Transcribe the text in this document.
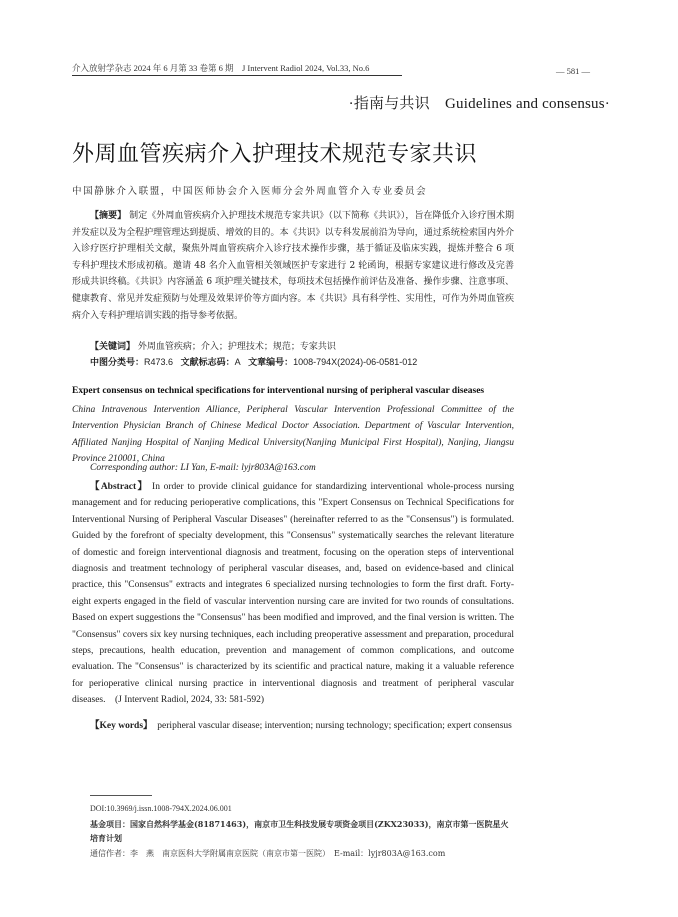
介入放射学杂志 2024 年 6 月第 33 卷第 6 期　J Intervent Radiol 2024, Vol.33, No.6	— 581 —
·指南与共识　Guidelines and consensus·
外周血管疾病介入护理技术规范专家共识
中国静脉介入联盟，中国医师协会介入医师分会外周血管介入专业委员会
【摘要】 制定《外周血管疾病介入护理技术规范专家共识》（以下简称《共识》），旨在降低介入诊疗围术期并发症以及为全程护理管理达到提质、增效的目的。本《共识》以专科发展前沿为导向，通过系统检索国内外介入诊疗医疗护理相关文献，聚焦外周血管疾病介入诊疗技术操作步骤，基于循证及临床实践，提炼并整合 6 项专科护理技术形成初稿。邀请 48 名介入血管相关领域医护专家进行 2 轮函询，根据专家建议进行修改及完善形成共识终稿。《共识》内容涵盖 6 项护理关键技术，每项技术包括操作前评估及准备、操作步骤、注意事项、健康教育、常见并发症预防与处理及效果评价等方面内容。本《共识》具有科学性、实用性，可作为外周血管疾病介入专科护理培训实践的指导参考依据。
【关键词】 外周血管疾病；介入；护理技术；规范；专家共识
中图分类号：R473.6 文献标志码：A 文章编号：1008-794X(2024)-06-0581-012
Expert consensus on technical specifications for interventional nursing of peripheral vascular diseases
China Intravenous Intervention Alliance, Peripheral Vascular Intervention Professional Committee of the Intervention Physician Branch of Chinese Medical Doctor Association. Department of Vascular Intervention, Affiliated Nanjing Hospital of Nanjing Medical University(Nanjing Municipal First Hospital), Nanjing, Jiangsu Province 210001, China
Corresponding author: LI Yan, E-mail: lyjr803A@163.com
【Abstract】 In order to provide clinical guidance for standardizing interventional whole-process nursing management and for reducing perioperative complications, this "Expert Consensus on Technical Specifications for Interventional Nursing of Peripheral Vascular Diseases" (hereinafter referred to as the "Consensus") is formulated. Guided by the forefront of specialty development, this "Consensus" systematically searches the relevant literature of domestic and foreign interventional diagnosis and treatment, focusing on the operation steps of interventional diagnosis and treatment technology of peripheral vascular diseases, and, based on evidence-based and clinical practice, this "Consensus" extracts and integrates 6 specialized nursing technologies to form the first draft. Forty-eight experts engaged in the field of vascular intervention nursing care are invited for two rounds of consultations. Based on expert suggestions the "Consensus" has been modified and improved, and the final version is written. The "Consensus" covers six key nursing techniques, each including preoperative assessment and preparation, procedural steps, precautions, health education, prevention and management of common complications, and outcome evaluation. The "Consensus" is characterized by its scientific and practical nature, making it a valuable reference for perioperative clinical nursing practice in interventional diagnosis and treatment of peripheral vascular diseases. (J Intervent Radiol, 2024, 33: 581-592)
【Key words】 peripheral vascular disease; intervention; nursing technology; specification; expert consensus
DOI:10.3969/j.issn.1008-794X.2024.06.001
基金项目：国家自然科学基金(81871463)，南京市卫生科技发展专项资金项目(ZKX23033)，南京市第一医院星火培育计划
通信作者：李　燕　南京医科大学附属南京医院（南京市第一医院）　E-mail：lyjr803A@163.com
